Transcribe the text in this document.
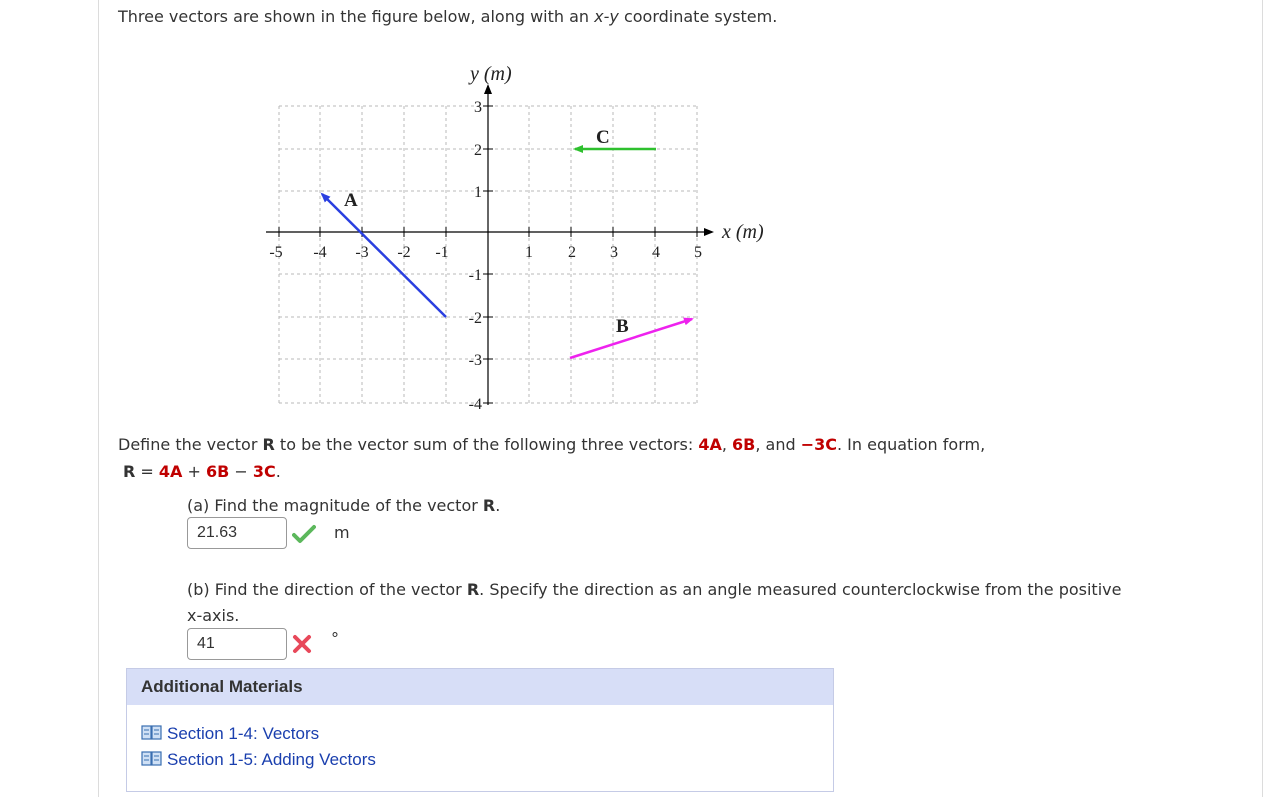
Three vectors are shown in the figure below, along with an x-y coordinate system.
y (m)
x (m)
-5 -4 -3 -2 -1	1 2 3 4 5
3
2
1
-1
-2
-3
-4
A
B
C
Define the vector R to be the vector sum of the following three vectors: 4A, 6B, and −3C. In equation form,
R = 4A + 6B − 3C.
(a) Find the magnitude of the vector R.
21.63	m
(b) Find the direction of the vector R. Specify the direction as an angle measured counterclockwise from the positive
x-axis.
41	°
Additional Materials
Section 1-4: Vectors
Section 1-5: Adding Vectors
